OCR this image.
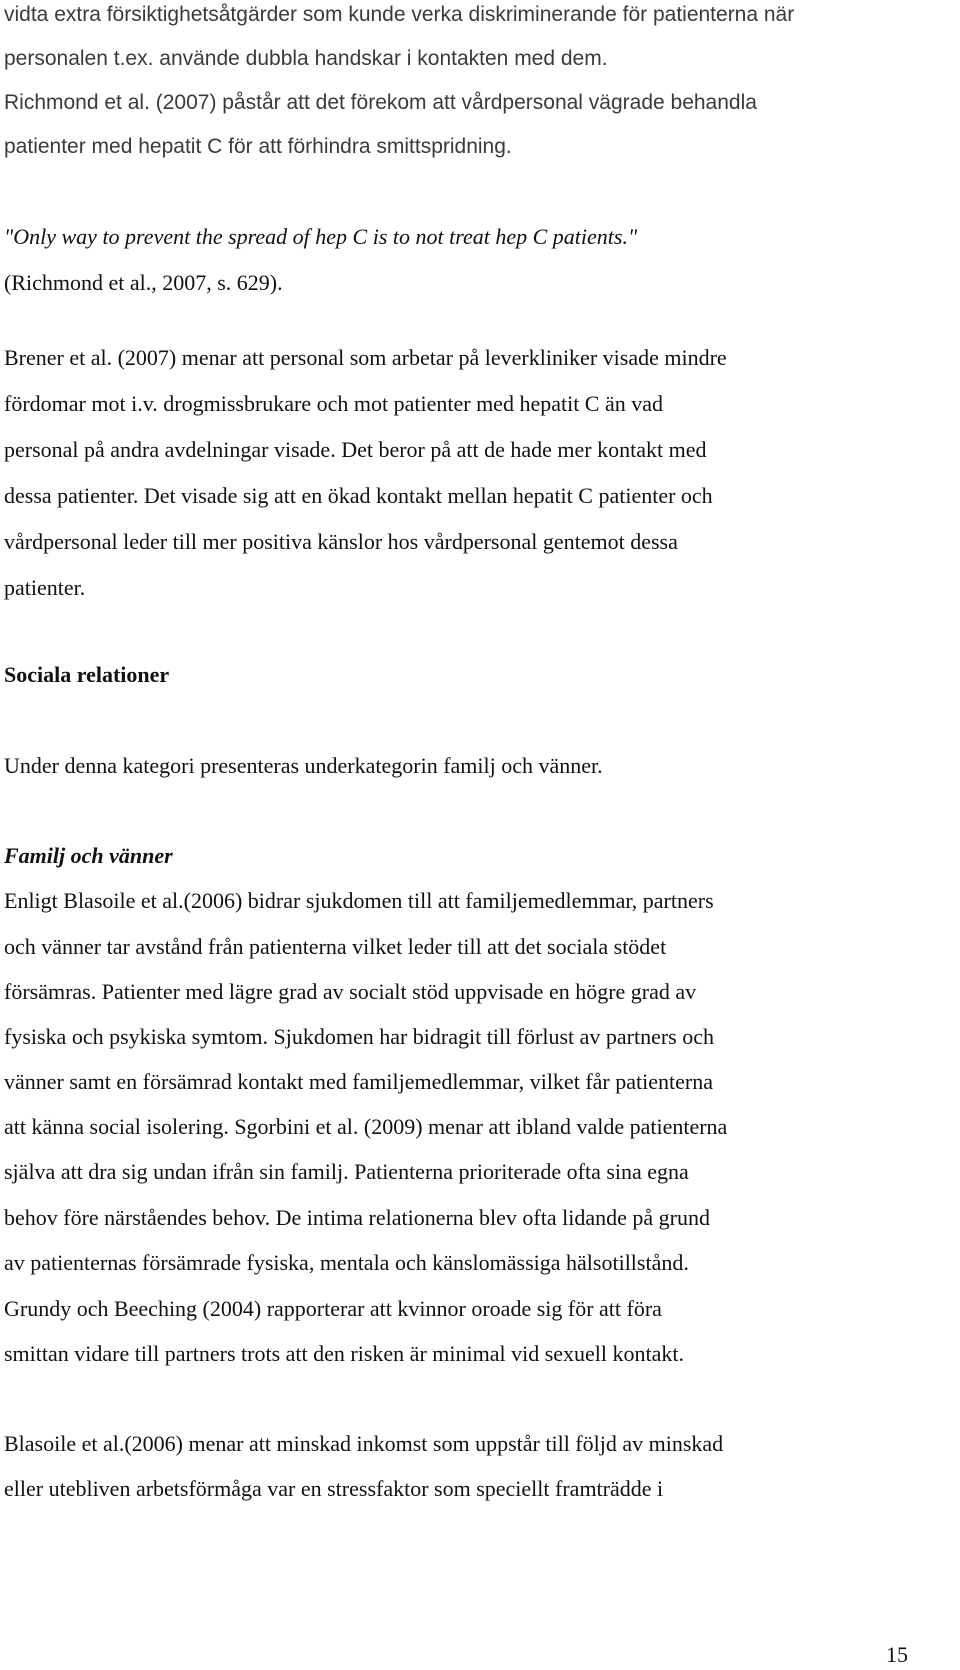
vidta extra försiktighetsåtgärder som kunde verka diskriminerande för patienterna när
personalen t.ex. använde dubbla handskar i kontakten med dem.
Richmond et al. (2007) påstår att det förekom att vårdpersonal vägrade behandla
patienter med hepatit C för att förhindra smittspridning.
"Only way to prevent the spread of hep C is to not treat hep C patients."
(Richmond et al., 2007, s. 629).
Brener et al. (2007) menar att personal som arbetar på leverkliniker visade mindre
fördomar mot i.v. drogmissbrukare och mot patienter med hepatit C än vad
personal på andra avdelningar visade. Det beror på att de hade mer kontakt med
dessa patienter. Det visade sig att en ökad kontakt mellan hepatit C patienter och
vårdpersonal leder till mer positiva känslor hos vårdpersonal gentemot dessa
patienter.
Sociala relationer
Under denna kategori presenteras underkategorin familj och vänner.
Familj och vänner
Enligt Blasoile et al.(2006) bidrar sjukdomen till att familjemedlemmar, partners
och vänner tar avstånd från patienterna vilket leder till att det sociala stödet
försämras. Patienter med lägre grad av socialt stöd uppvisade en högre grad av
fysiska och psykiska symtom. Sjukdomen har bidragit till förlust av partners och
vänner samt en försämrad kontakt med familjemedlemmar, vilket får patienterna
att känna social isolering. Sgorbini et al. (2009) menar att ibland valde patienterna
själva att dra sig undan ifrån sin familj. Patienterna prioriterade ofta sina egna
behov före närståendes behov. De intima relationerna blev ofta lidande på grund
av patienternas försämrade fysiska, mentala och känslomässiga hälsotillstånd.
Grundy och Beeching (2004) rapporterar att kvinnor oroade sig för att föra
smittan vidare till partners trots att den risken är minimal vid sexuell kontakt.
Blasoile et al.(2006) menar att minskad inkomst som uppstår till följd av minskad
eller utebliven arbetsförmåga var en stressfaktor som speciellt framträdde i
15
